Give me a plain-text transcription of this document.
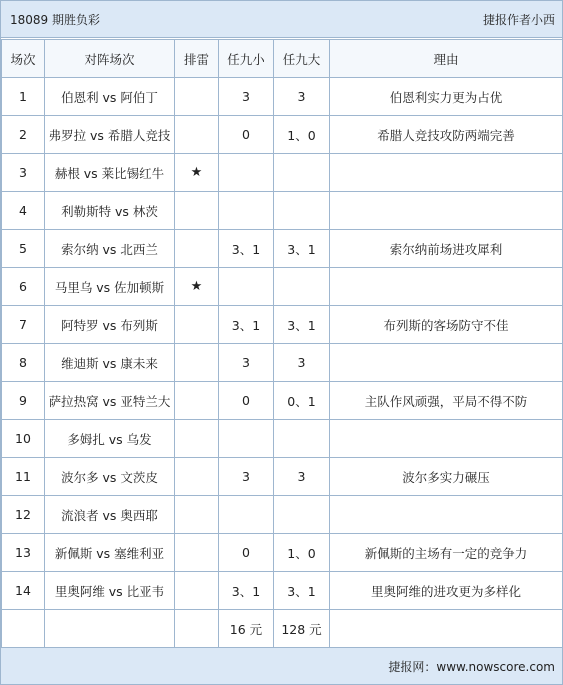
18089 期胜负彩	捷报作者小西
场次	对阵场次	排雷	任九小	任九大	理由
1	伯恩利 vs 阿伯丁		3	3	伯恩利实力更为占优
2	弗罗拉 vs 希腊人竞技		0	1、0	希腊人竞技攻防两端完善
3	赫根 vs 莱比锡红牛	★			
4	利勒斯特 vs 林茨				
5	索尔纳 vs 北西兰		3、1	3、1	索尔纳前场进攻犀利
6	马里乌 vs 佐加顿斯	★			
7	阿特罗 vs 布列斯		3、1	3、1	布列斯的客场防守不佳
8	维迪斯 vs 康未来		3	3	
9	萨拉热窝 vs 亚特兰大		0	0、1	主队作风顽强，平局不得不防
10	多姆扎 vs 乌发				
11	波尔多 vs 文茨皮		3	3	波尔多实力碾压
12	流浪者 vs 奥西耶				
13	新佩斯 vs 塞维利亚		0	1、0	新佩斯的主场有一定的竞争力
14	里奥阿维 vs 比亚韦		3、1	3、1	里奥阿维的进攻更为多样化
			16 元	128 元	
捷报网：www.nowscore.com
